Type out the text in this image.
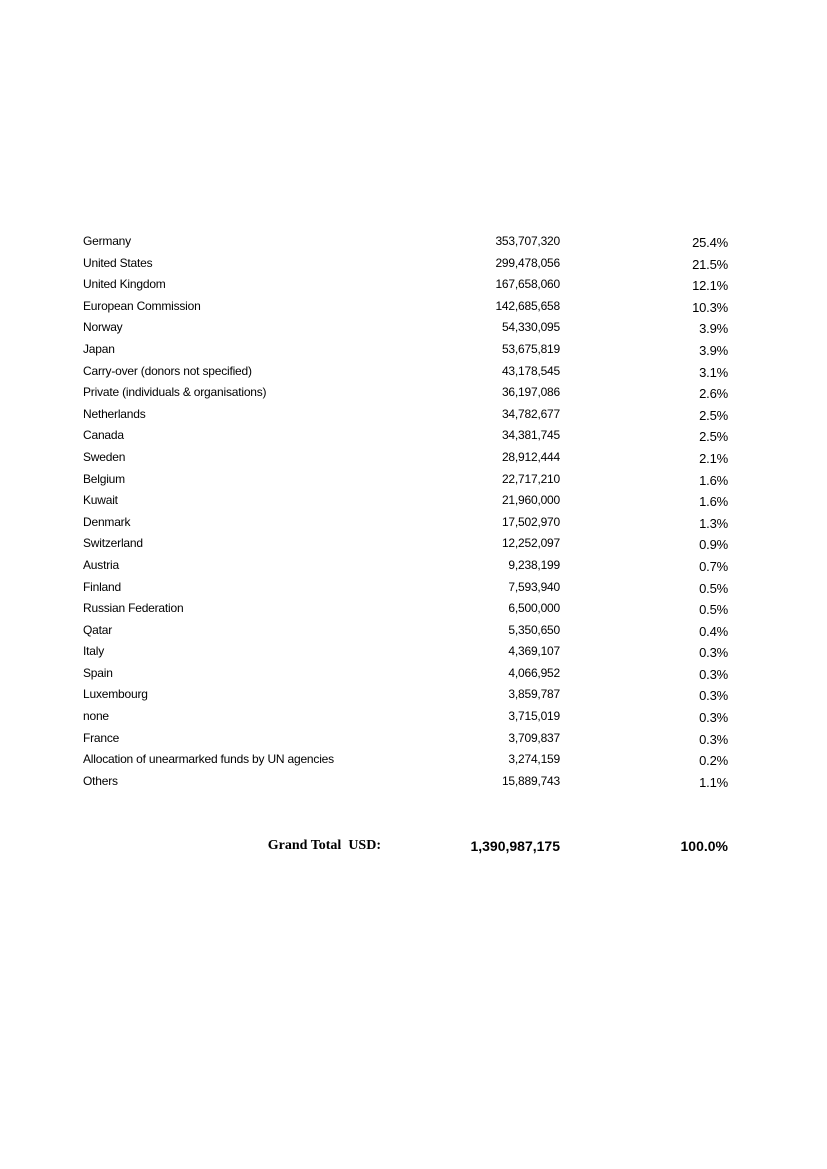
Germany	353,707,320	25.4%
United States	299,478,056	21.5%
United Kingdom	167,658,060	12.1%
European Commission	142,685,658	10.3%
Norway	54,330,095	3.9%
Japan	53,675,819	3.9%
Carry-over (donors not specified)	43,178,545	3.1%
Private (individuals & organisations)	36,197,086	2.6%
Netherlands	34,782,677	2.5%
Canada	34,381,745	2.5%
Sweden	28,912,444	2.1%
Belgium	22,717,210	1.6%
Kuwait	21,960,000	1.6%
Denmark	17,502,970	1.3%
Switzerland	12,252,097	0.9%
Austria	9,238,199	0.7%
Finland	7,593,940	0.5%
Russian Federation	6,500,000	0.5%
Qatar	5,350,650	0.4%
Italy	4,369,107	0.3%
Spain	4,066,952	0.3%
Luxembourg	3,859,787	0.3%
none	3,715,019	0.3%
France	3,709,837	0.3%
Allocation of unearmarked funds by UN agencies	3,274,159	0.2%
Others	15,889,743	1.1%
Grand Total  USD:	1,390,987,175	100.0%
